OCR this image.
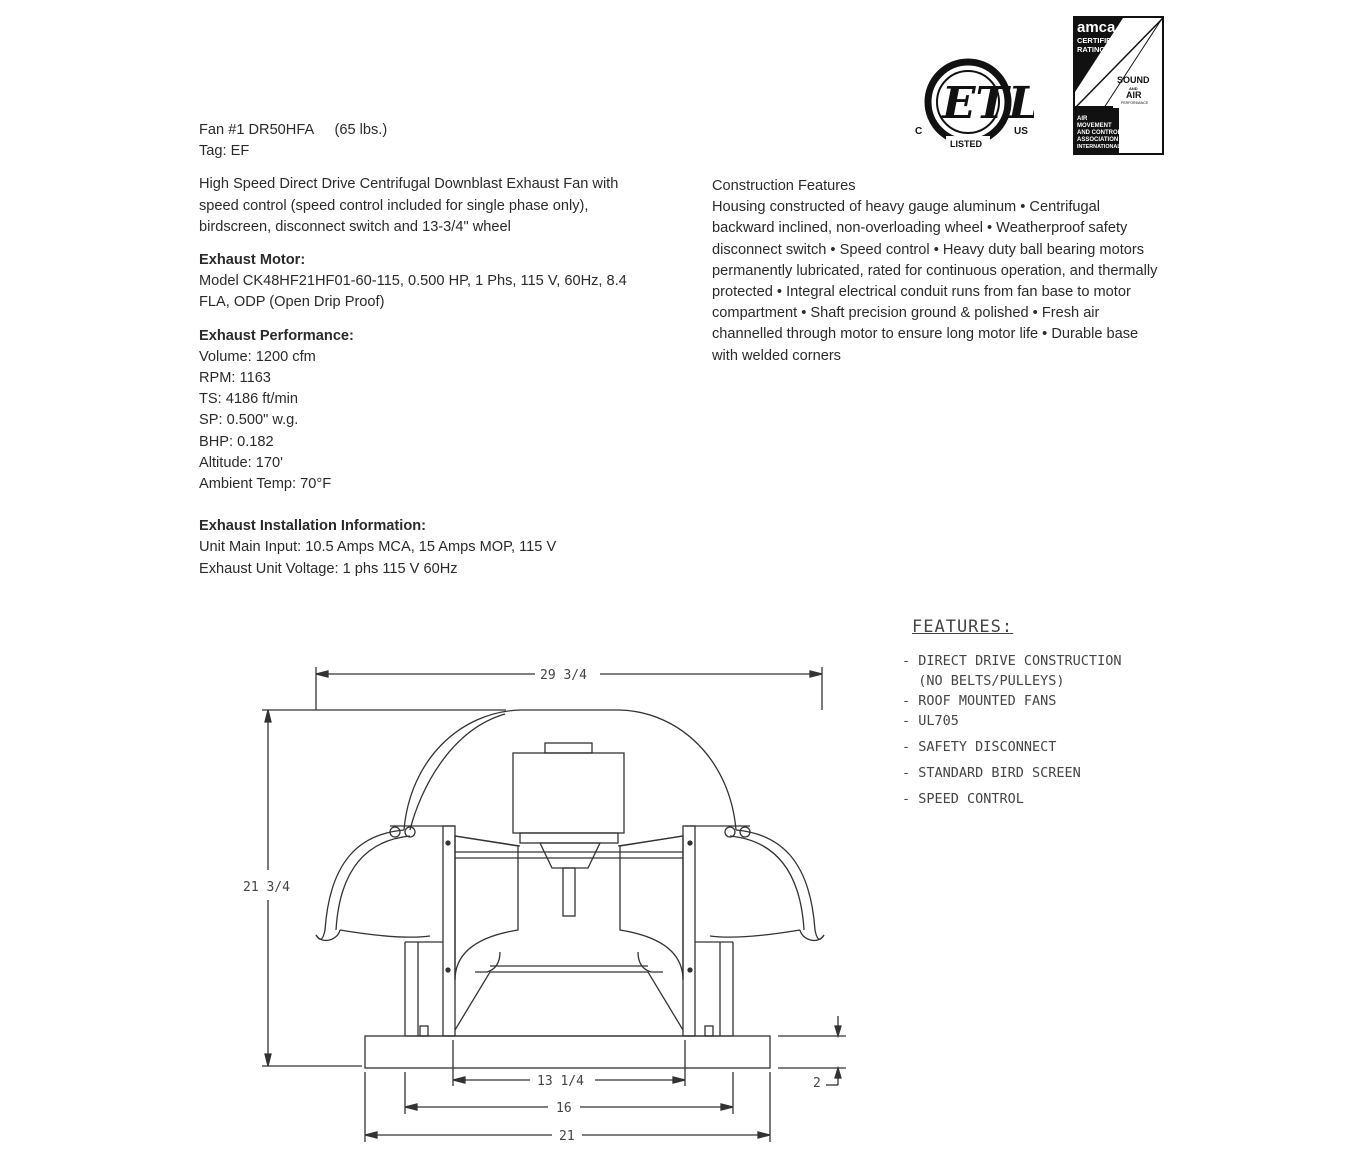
ETL
C	US
LISTED
amca
CERTIFIED
RATINGS
SOUND
AND
AIR
PERFORMANCE
AIR
MOVEMENT
AND CONTROL
ASSOCIATION
INTERNATIONAL, INC.
Fan #1 DR50HFA (65 lbs.)
Tag: EF
High Speed Direct Drive Centrifugal Downblast Exhaust Fan with
speed control (speed control included for single phase only),
birdscreen, disconnect switch and 13-3/4" wheel
Exhaust Motor:
Model CK48HF21HF01-60-115, 0.500 HP, 1 Phs, 115 V, 60Hz, 8.4
FLA, ODP (Open Drip Proof)
Exhaust Performance:
Volume: 1200 cfm
RPM: 1163
TS: 4186 ft/min
SP: 0.500" w.g.
BHP: 0.182
Altitude: 170'
Ambient Temp: 70°F
Exhaust Installation Information:
Unit Main Input: 10.5 Amps MCA, 15 Amps MOP, 115 V
Exhaust Unit Voltage: 1 phs 115 V 60Hz
Construction Features
Housing constructed of heavy gauge aluminum • Centrifugal
backward inclined, non-overloading wheel • Weatherproof safety
disconnect switch • Speed control • Heavy duty ball bearing motors
permanently lubricated, rated for continuous operation, and thermally
protected • Integral electrical conduit runs from fan base to motor
compartment • Shaft precision ground & polished • Fresh air
channelled through motor to ensure long motor life • Durable base
with welded corners
FEATURES:
- DIRECT DRIVE CONSTRUCTION
(NO BELTS/PULLEYS)
- ROOF MOUNTED FANS
- UL705
- SAFETY DISCONNECT
- STANDARD BIRD SCREEN
- SPEED CONTROL
29 3/4
21 3/4
2
13 1/4
16
21
